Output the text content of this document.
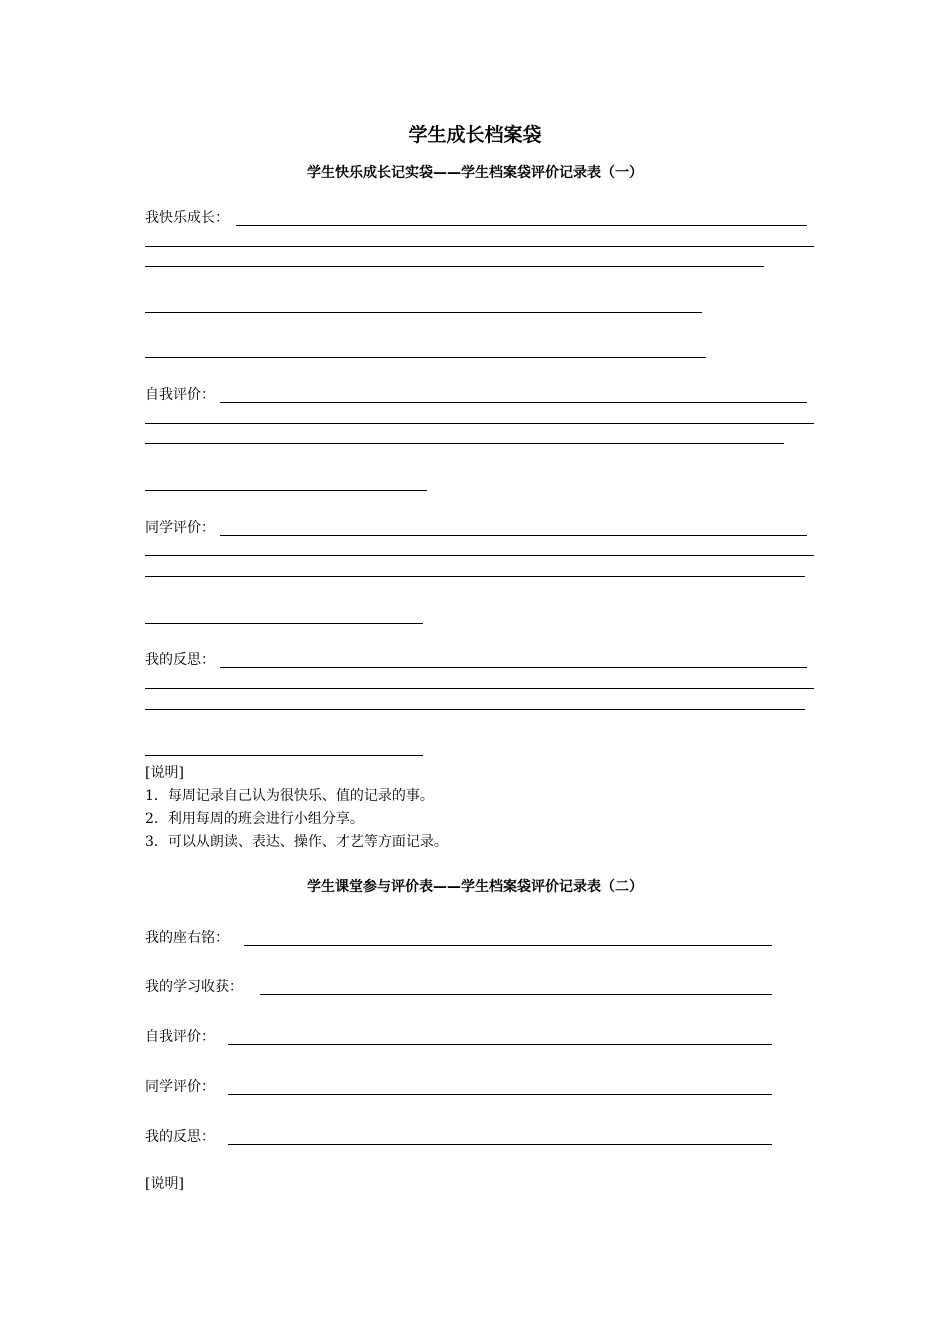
学生成长档案袋
学生快乐成长记实袋——学生档案袋评价记录表（一）
我快乐成长：
自我评价：
同学评价：
我的反思：
[说明]
1．每周记录自己认为很快乐、值的记录的事。
2．利用每周的班会进行小组分享。
3．可以从朗读、表达、操作、才艺等方面记录。
学生课堂参与评价表——学生档案袋评价记录表（二）
我的座右铭：
我的学习收获：
自我评价：
同学评价：
我的反思：
[说明]
